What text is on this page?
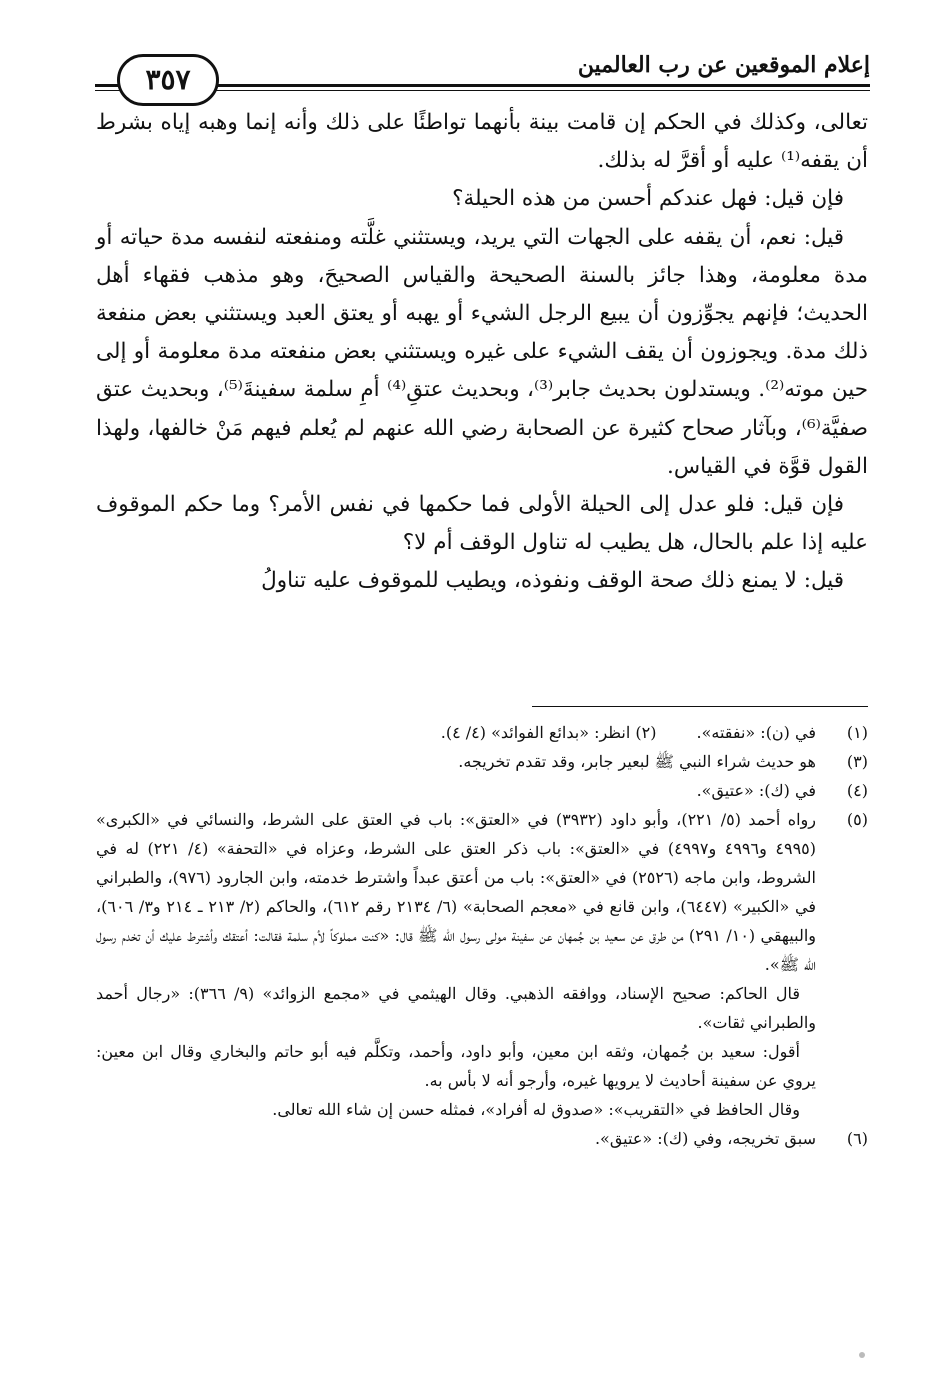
إعلام الموقعين عن رب العالمين
٣٥٧

تعالى، وكذلك في الحكم إن قامت بينة بأنهما تواطئًا على ذلك وأنه إنما وهبه إياه بشرط أن يقفه⁽¹⁾ عليه أو أقرَّ له بذلك.

فإن قيل: فهل عندكم أحسن من هذه الحيلة؟

قيل: نعم، أن يقفه على الجهات التي يريد، ويستثني غلَّته ومنفعته لنفسه مدة حياته أو مدة معلومة، وهذا جائز بالسنة الصحيحة والقياس الصحيحَ، وهو مذهب فقهاء أهل الحديث؛ فإنهم يجوِّزون أن يبيع الرجل الشيء أو يهبه أو يعتق العبد ويستثني بعض منفعة ذلك مدة. ويجوزون أن يقف الشيء على غيره ويستثني بعض منفعته مدة معلومة أو إلى حين موته⁽²⁾. ويستدلون بحديث جابر⁽³⁾، وبحديث عتقِ⁽⁴⁾ أمِ سلمة سفينةَ⁽⁵⁾، وبحديث عتق صفيَّة⁽⁶⁾، وبآثار صحاح كثيرة عن الصحابة رضي الله عنهم لم يُعلم فيهم مَنْ خالفها، ولهذا القول قوَّة في القياس.

فإن قيل: فلو عدل إلى الحيلة الأولى فما حكمها في نفس الأمر؟ وما حكم الموقوف عليه إذا علم بالحال، هل يطيب له تناول الوقف أم لا؟

قيل: لا يمنع ذلك صحة الوقف ونفوذه، ويطيب للموقوف عليه تناولُ

(١)
في (ن): «نفقته».(٢) انظر: «بدائع الفوائد» (٤/ ٤).
(٣)
هو حديث شراء النبي ﷺ لبعير جابر، وقد تقدم تخريجه.
(٤)
في (ك): «عتيق».
(٥)
رواه أحمد (٥/ ٢٢١)، وأبو داود (٣٩٣٢) في «العتق»: باب في العتق على الشرط، والنسائي في «الكبرى» (٤٩٩٥ و٤٩٩٦ و٤٩٩٧) في «العتق»: باب ذكر العتق على الشرط، وعزاه في «التحفة» (٤/ ٢٢١) له في الشروط، وابن ماجه (٢٥٢٦) في «العتق»: باب من أعتق عبداً واشترط خدمته، وابن الجارود (٩٧٦)، والطبراني في «الكبير» (٦٤٤٧)، وابن قانع في «معجم الصحابة» (٦/ ٢١٣٤ رقم ٦١٢)، والحاكم (٢/ ٢١٣ ـ ٢١٤ و٣/ ٦٠٦)، والبيهقي (١٠/ ٢٩١) من طرق عن سعيد بن جُمهان عن سفينة مولى رسول الله ﷺ قال: «كنت مملوكاً لأم سلمة فقالت: أعتقك وأشترط عليك أن تخدم رسول الله ﷺ».
قال الحاكم: صحيح الإسناد، ووافقه الذهبي. وقال الهيثمي في «مجمع الزوائد» (٩/ ٣٦٦): «رجال أحمد والطبراني ثقات».
أقول: سعيد بن جُمهان، وثقه ابن معين، وأبو داود، وأحمد، وتكلَّم فيه أبو حاتم والبخاري وقال ابن معين: يروي عن سفينة أحاديث لا يرويها غيره، وأرجو أنه لا بأس به.
وقال الحافظ في «التقريب»: «صدوق له أفراد»، فمثله حسن إن شاء الله تعالى.
(٦)
سبق تخريجه، وفي (ك): «عتيق».
